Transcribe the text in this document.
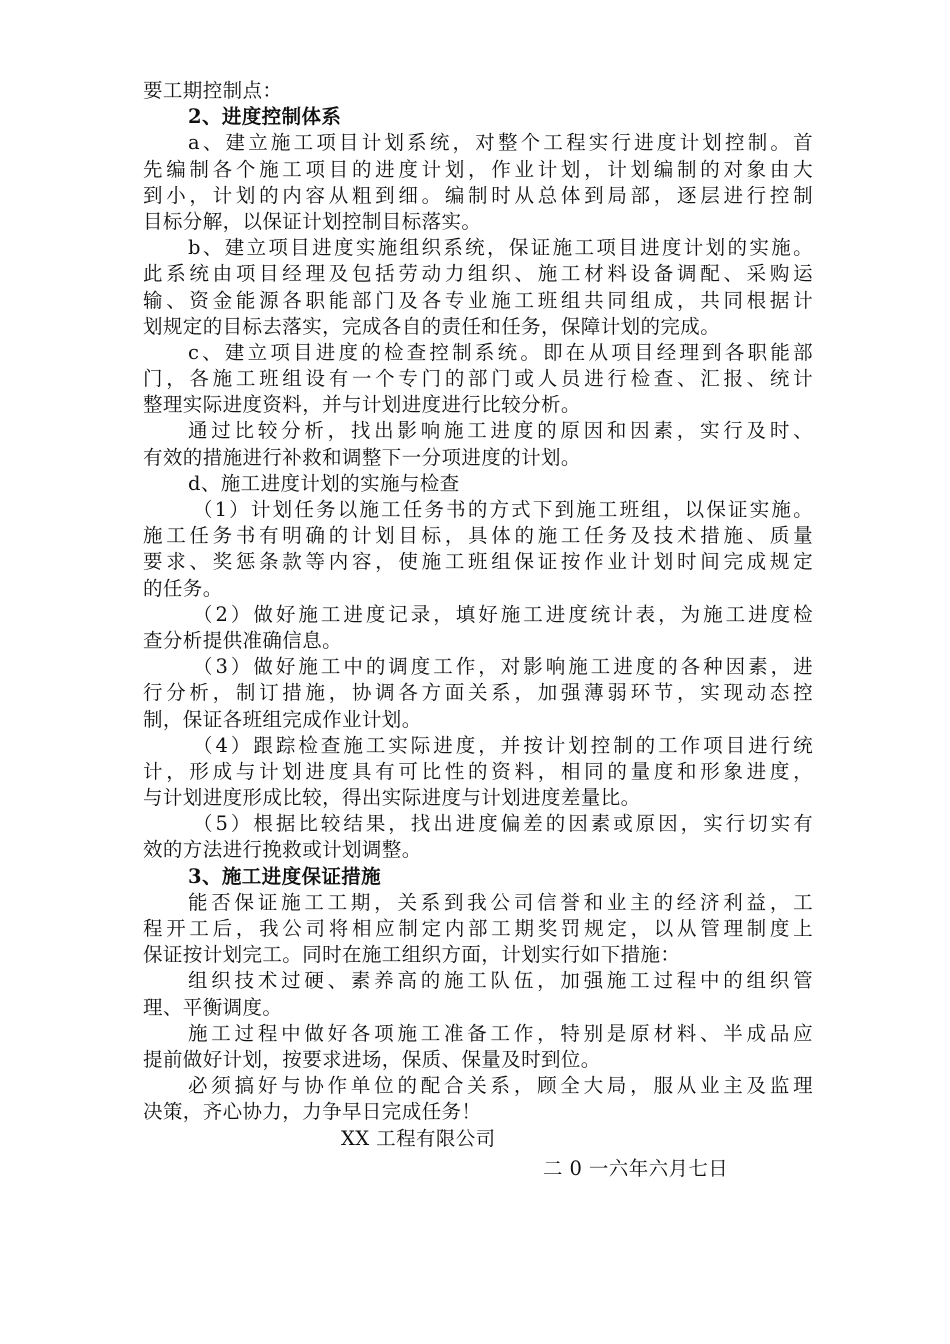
要工期控制点：
2、进度控制体系
a、建立施工项目计划系统，对整个工程实行进度计划控制。首
先编制各个施工项目的进度计划，作业计划，计划编制的对象由大
到小，计划的内容从粗到细。编制时从总体到局部，逐层进行控制
目标分解，以保证计划控制目标落实。
b、建立项目进度实施组织系统，保证施工项目进度计划的实施。
此系统由项目经理及包括劳动力组织、施工材料设备调配、采购运
输、资金能源各职能部门及各专业施工班组共同组成，共同根据计
划规定的目标去落实，完成各自的责任和任务，保障计划的完成。
c、建立项目进度的检查控制系统。即在从项目经理到各职能部
门，各施工班组设有一个专门的部门或人员进行检查、汇报、统计
整理实际进度资料，并与计划进度进行比较分析。
通过比较分析，找出影响施工进度的原因和因素，实行及时、
有效的措施进行补救和调整下一分项进度的计划。
d、施工进度计划的实施与检查
（1）计划任务以施工任务书的方式下到施工班组，以保证实施。
施工任务书有明确的计划目标，具体的施工任务及技术措施、质量
要求、奖惩条款等内容，使施工班组保证按作业计划时间完成规定
的任务。
（2）做好施工进度记录，填好施工进度统计表，为施工进度检
查分析提供准确信息。
（3）做好施工中的调度工作，对影响施工进度的各种因素，进
行分析，制订措施，协调各方面关系，加强薄弱环节，实现动态控
制，保证各班组完成作业计划。
（4）跟踪检查施工实际进度，并按计划控制的工作项目进行统
计，形成与计划进度具有可比性的资料，相同的量度和形象进度，
与计划进度形成比较，得出实际进度与计划进度差量比。
（5）根据比较结果，找出进度偏差的因素或原因，实行切实有
效的方法进行挽救或计划调整。
3、施工进度保证措施
能否保证施工工期，关系到我公司信誉和业主的经济利益，工
程开工后，我公司将相应制定内部工期奖罚规定，以从管理制度上
保证按计划完工。同时在施工组织方面，计划实行如下措施：
组织技术过硬、素养高的施工队伍，加强施工过程中的组织管
理、平衡调度。
施工过程中做好各项施工准备工作，特别是原材料、半成品应
提前做好计划，按要求进场，保质、保量及时到位。
必须搞好与协作单位的配合关系，顾全大局，服从业主及监理
决策，齐心协力，力争早日完成任务！
XX 工程有限公司
二 0 一六年六月七日
